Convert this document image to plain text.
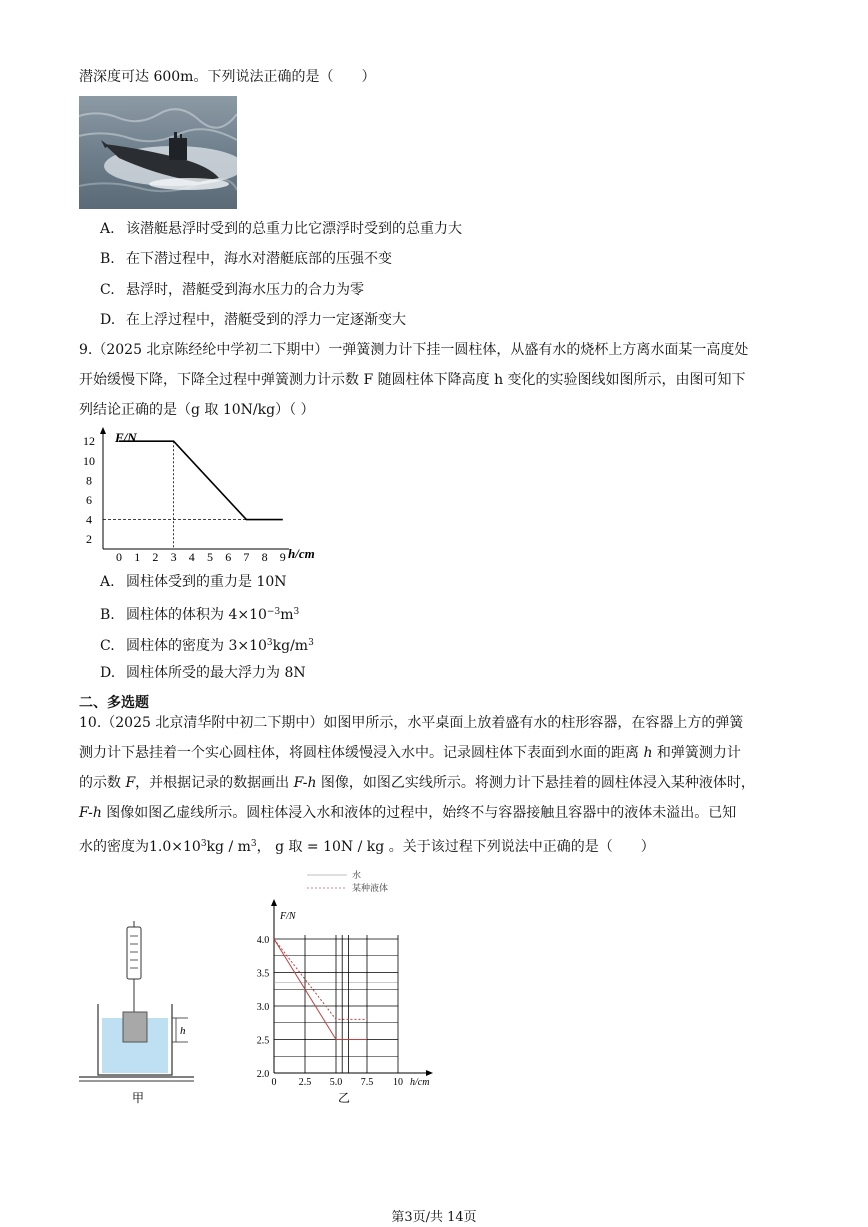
潜深度可达 600m。下列说法正确的是（　　）
A. 该潜艇悬浮时受到的总重力比它漂浮时受到的总重力大
B. 在下潜过程中，海水对潜艇底部的压强不变
C. 悬浮时，潜艇受到海水压力的合力为零
D. 在上浮过程中，潜艇受到的浮力一定逐渐变大
9.（2025 北京陈经纶中学初二下期中）一弹簧测力计下挂一圆柱体，从盛有水的烧杯上方离水面某一高度处
开始缓慢下降，下降全过程中弹簧测力计示数 F 随圆柱体下降高度 h 变化的实验图线如图所示，由图可知下
列结论正确的是（g 取 10N/kg）（ ）
F/N
h/cm
0 1 2 3 4 5 6 7 8 9
12
10
8
6
4
2
A. 圆柱体受到的重力是 10N
B. 圆柱体的体积为 $4\times 10^{-3}m^3$
C. 圆柱体的密度为 $3\times 10^3kg/m^3$
D. 圆柱体所受的最大浮力为 8N
二、多选题
10.（2025 北京清华附中初二下期中）如图甲所示，水平桌面上放着盛有水的柱形容器，在容器上方的弹簧
测力计下悬挂着一个实心圆柱体，将圆柱体缓慢浸入水中。记录圆柱体下表面到水面的距离 h 和弹簧测力计
的示数 F，并根据记录的数据画出 F-h 图像，如图乙实线所示。将测力计下悬挂着的圆柱体浸入某种液体时，
F-h 图像如图乙虚线所示。圆柱体浸入水和液体的过程中，始终不与容器接触且容器中的液体未溢出。已知
水的密度为$1.0\times 10^3kg / m^3$， g 取 = 10N / kg 。关于该过程下列说法中正确的是（　　）
h
甲
水
某种液体
F/N
h/cm
0 2.5 5.0 7.5 10
4.0
3.5
3.0
2.5
2.0
乙
第3页/共 14页
